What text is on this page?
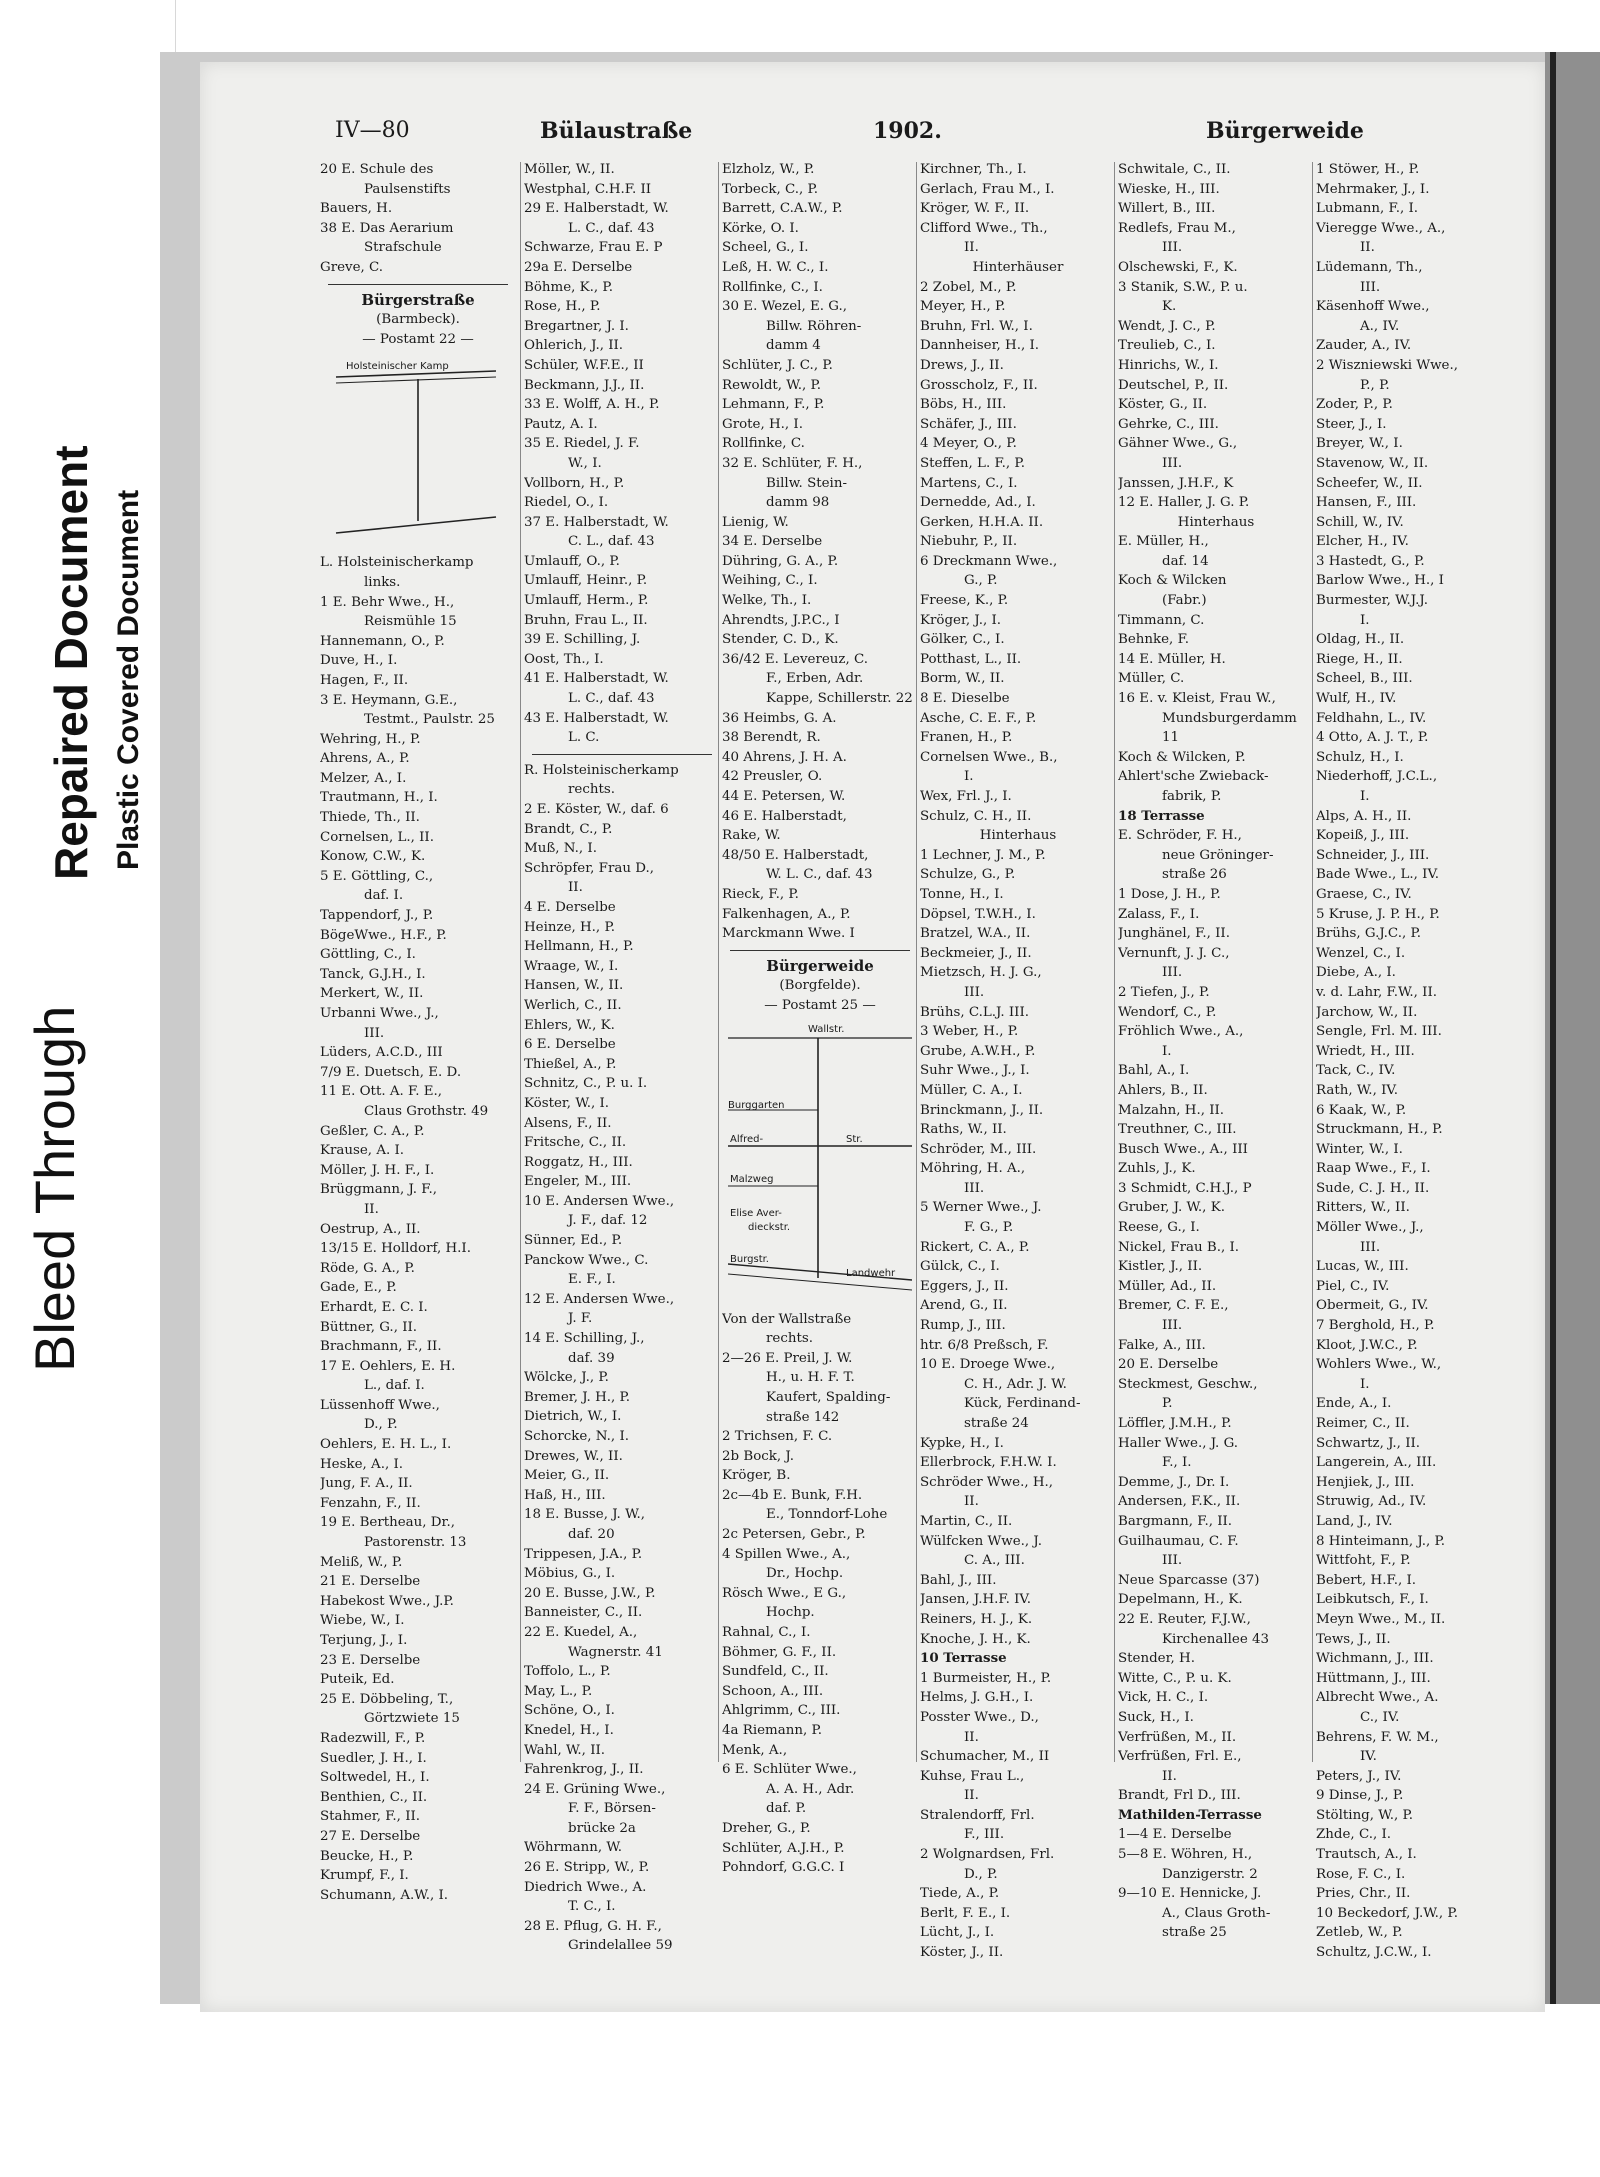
Bleed Through
Repaired Document Plastic Covered Document
IV—80	Bülaustraße	1902.	Bürgerweide
20 E. Schule des
Paulsenstifts
Bauers, H.
38 E. Das Aerarium
Strafschule
Greve, C.
Bürgerstraße
(Barmbeck).
— Postamt 22 —
Holsteinischer Kamp
L. Holsteinischerkamp
links.
1 E. Behr Wwe., H.,
Reismühle 15
Hannemann, O., P.
Duve, H., I.
Hagen, F., II.
3 E. Heymann, G.E.,
Testmt., Paulstr. 25
Wehring, H., P.
Ahrens, A., P.
Melzer, A., I.
Trautmann, H., I.
Thiede, Th., II.
Cornelsen, L., II.
Konow, C.W., K.
5 E. Göttling, C.,
daf. I.
Tappendorf, J., P.
BögeWwe., H.F., P.
Göttling, C., I.
Tanck, G.J.H., I.
Merkert, W., II.
Urbanni Wwe., J.,
III.
Lüders, A.C.D., III
7/9 E. Duetsch, E. D.
11 E. Ott. A. F. E.,
Claus Grothstr. 49
Geßler, C. A., P.
Krause, A. I.
Möller, J. H. F., I.
Brüggmann, J. F.,
II.
Oestrup, A., II.
13/15 E. Holldorf, H.I.
Röde, G. A., P.
Gade, E., P.
Erhardt, E. C. I.
Büttner, G., II.
Brachmann, F., II.
17 E. Oehlers, E. H.
L., daf. I.
Lüssenhoff Wwe.,
D., P.
Oehlers, E. H. L., I.
Heske, A., I.
Jung, F. A., II.
Fenzahn, F., II.
19 E. Bertheau, Dr.,
Pastorenstr. 13
Meliß, W., P.
21 E. Derselbe
Habekost Wwe., J.P.
Wiebe, W., I.
Terjung, J., I.
23 E. Derselbe
Puteik, Ed.
25 E. Döbbeling, T.,
Görtzwiete 15
Radezwill, F., P.
Suedler, J. H., I.
Soltwedel, H., I.
Benthien, C., II.
Stahmer, F., II.
27 E. Derselbe
Beucke, H., P.
Krumpf, F., I.
Schumann, A.W., I.
Möller, W., II.
Westphal, C.H.F. II
29 E. Halberstadt, W.
L. C., daf. 43
Schwarze, Frau E. P
29a E. Derselbe
Böhme, K., P.
Rose, H., P.
Bregartner, J. I.
Ohlerich, J., II.
Schüler, W.F.E., II
Beckmann, J.J., II.
33 E. Wolff, A. H., P.
Pautz, A. I.
35 E. Riedel, J. F.
W., I.
Vollborn, H., P.
Riedel, O., I.
37 E. Halberstadt, W.
C. L., daf. 43
Umlauff, O., P.
Umlauff, Heinr., P.
Umlauff, Herm., P.
Bruhn, Frau L., II.
39 E. Schilling, J.
Oost, Th., I.
41 E. Halberstadt, W.
L. C., daf. 43
43 E. Halberstadt, W.
L. C.
R. Holsteinischerkamp
rechts.
2 E. Köster, W., daf. 6
Brandt, C., P.
Muß, N., I.
Schröpfer, Frau D.,
II.
4 E. Derselbe
Heinze, H., P.
Hellmann, H., P.
Wraage, W., I.
Hansen, W., II.
Werlich, C., II.
Ehlers, W., K.
6 E. Derselbe
Thießel, A., P.
Schnitz, C., P. u. I.
Köster, W., I.
Alsens, F., II.
Fritsche, C., II.
Roggatz, H., III.
Engeler, M., III.
10 E. Andersen Wwe.,
J. F., daf. 12
Sünner, Ed., P.
Panckow Wwe., C.
E. F., I.
12 E. Andersen Wwe.,
J. F.
14 E. Schilling, J.,
daf. 39
Wölcke, J., P.
Bremer, J. H., P.
Dietrich, W., I.
Schorcke, N., I.
Drewes, W., II.
Meier, G., II.
Haß, H., III.
18 E. Busse, J. W.,
daf. 20
Trippesen, J.A., P.
Möbius, G., I.
20 E. Busse, J.W., P.
Banneister, C., II.
22 E. Kuedel, A.,
Wagnerstr. 41
Toffolo, L., P.
May, L., P.
Schöne, O., I.
Knedel, H., I.
Wahl, W., II.
Fahrenkrog, J., II.
24 E. Grüning Wwe.,
F. F., Börsen-
brücke 2a
Wöhrmann, W.
26 E. Stripp, W., P.
Diedrich Wwe., A.
T. C., I.
28 E. Pflug, G. H. F.,
Grindelallee 59
Elzholz, W., P.
Torbeck, C., P.
Barrett, C.A.W., P.
Körke, O. I.
Scheel, G., I.
Leß, H. W. C., I.
Rollfinke, C., I.
30 E. Wezel, E. G.,
Billw. Röhren-
damm 4
Schlüter, J. C., P.
Rewoldt, W., P.
Lehmann, F., P.
Grote, H., I.
Rollfinke, C.
32 E. Schlüter, F. H.,
Billw. Stein-
damm 98
Lienig, W.
34 E. Derselbe
Dühring, G. A., P.
Weihing, C., I.
Welke, Th., I.
Ahrendts, J.P.C., I
Stender, C. D., K.
36/42 E. Levereuz, C.
F., Erben, Adr.
Kappe, Schillerstr. 22
36 Heimbs, G. A.
38 Berendt, R.
40 Ahrens, J. H. A.
42 Preusler, O.
44 E. Petersen, W.
46 E. Halberstadt,
Rake, W.
48/50 E. Halberstadt,
W. L. C., daf. 43
Rieck, F., P.
Falkenhagen, A., P.
Marckmann Wwe. I
Bürgerweide
(Borgfelde).
— Postamt 25 —
Wallstr.
Burggarten
Alfred-	Str.
Malzweg
Elise Aver-
dieckstr.
Burgstr.
Landwehr
Von der Wallstraße
rechts.
2—26 E. Preil, J. W.
H., u. H. F. T.
Kaufert, Spalding-
straße 142
2 Trichsen, F. C.
2b Bock, J.
Kröger, B.
2c—4b E. Bunk, F.H.
E., Tonndorf-Lohe
2c Petersen, Gebr., P.
4 Spillen Wwe., A.,
Dr., Hochp.
Rösch Wwe., E G.,
Hochp.
Rahnal, C., I.
Böhmer, G. F., II.
Sundfeld, C., II.
Schoon, A., III.
Ahlgrimm, C., III.
4a Riemann, P.
Menk, A.,
6 E. Schlüter Wwe.,
A. A. H., Adr.
daf. P.
Dreher, G., P.
Schlüter, A.J.H., P.
Pohndorf, G.G.C. I
Kirchner, Th., I.
Gerlach, Frau M., I.
Kröger, W. F., II.
Clifford Wwe., Th.,
II.
Hinterhäuser
2 Zobel, M., P.
Meyer, H., P.
Bruhn, Frl. W., I.
Dannheiser, H., I.
Drews, J., II.
Grosscholz, F., II.
Böbs, H., III.
Schäfer, J., III.
4 Meyer, O., P.
Steffen, L. F., P.
Martens, C., I.
Dernedde, Ad., I.
Gerken, H.H.A. II.
Niebuhr, P., II.
6 Dreckmann Wwe.,
G., P.
Freese, K., P.
Kröger, J., I.
Gölker, C., I.
Potthast, L., II.
Borm, W., II.
8 E. Dieselbe
Asche, C. E. F., P.
Franen, H., P.
Cornelsen Wwe., B.,
I.
Wex, Frl. J., I.
Schulz, C. H., II.
Hinterhaus
1 Lechner, J. M., P.
Schulze, G., P.
Tonne, H., I.
Döpsel, T.W.H., I.
Bratzel, W.A., II.
Beckmeier, J., II.
Mietzsch, H. J. G.,
III.
Brühs, C.L.J. III.
3 Weber, H., P.
Grube, A.W.H., P.
Suhr Wwe., J., I.
Müller, C. A., I.
Brinckmann, J., II.
Raths, W., II.
Schröder, M., III.
Möhring, H. A.,
III.
5 Werner Wwe., J.
F. G., P.
Rickert, C. A., P.
Gülck, C., I.
Eggers, J., II.
Arend, G., II.
Rump, J., III.
htr. 6/8 Preßsch, F.
10 E. Droege Wwe.,
C. H., Adr. J. W.
Kück, Ferdinand-
straße 24
Kypke, H., I.
Ellerbrock, F.H.W. I.
Schröder Wwe., H.,
II.
Martin, C., II.
Wülfcken Wwe., J.
C. A., III.
Bahl, J., III.
Jansen, J.H.F. IV.
Reiners, H. J., K.
Knoche, J. H., K.
10 Terrasse
1 Burmeister, H., P.
Helms, J. G.H., I.
Posster Wwe., D.,
II.
Schumacher, M., II
Kuhse, Frau L.,
II.
Stralendorff, Frl.
F., III.
2 Wolgnardsen, Frl.
D., P.
Tiede, A., P.
Berlt, F. E., I.
Lücht, J., I.
Köster, J., II.
Schwitale, C., II.
Wieske, H., III.
Willert, B., III.
Redlefs, Frau M.,
III.
Olschewski, F., K.
3 Stanik, S.W., P. u.
K.
Wendt, J. C., P.
Treulieb, C., I.
Hinrichs, W., I.
Deutschel, P., II.
Köster, G., II.
Gehrke, C., III.
Gähner Wwe., G.,
III.
Janssen, J.H.F., K
12 E. Haller, J. G. P.
Hinterhaus
E. Müller, H.,
daf. 14
Koch & Wilcken
(Fabr.)
Timmann, C.
Behnke, F.
14 E. Müller, H.
Müller, C.
16 E. v. Kleist, Frau W.,
Mundsburgerdamm
11
Koch & Wilcken, P.
Ahlert'sche Zwieback-
fabrik, P.
18 Terrasse
E. Schröder, F. H.,
neue Gröninger-
straße 26
1 Dose, J. H., P.
Zalass, F., I.
Junghänel, F., II.
Vernunft, J. J. C.,
III.
2 Tiefen, J., P.
Wendorf, C., P.
Fröhlich Wwe., A.,
I.
Bahl, A., I.
Ahlers, B., II.
Malzahn, H., II.
Treuthner, C., III.
Busch Wwe., A., III
Zuhls, J., K.
3 Schmidt, C.H.J., P
Gruber, J. W., K.
Reese, G., I.
Nickel, Frau B., I.
Kistler, J., II.
Müller, Ad., II.
Bremer, C. F. E.,
III.
Falke, A., III.
20 E. Derselbe
Steckmest, Geschw.,
P.
Löffler, J.M.H., P.
Haller Wwe., J. G.
F., I.
Demme, J., Dr. I.
Andersen, F.K., II.
Bargmann, F., II.
Guilhaumau, C. F.
III.
Neue Sparcasse (37)
Depelmann, H., K.
22 E. Reuter, F.J.W.,
Kirchenallee 43
Stender, H.
Witte, C., P. u. K.
Vick, H. C., I.
Suck, H., I.
Verfrüßen, M., II.
Verfrüßen, Frl. E.,
II.
Brandt, Frl D., III.
Mathilden-Terrasse
1—4 E. Derselbe
5—8 E. Wöhren, H.,
Danzigerstr. 2
9—10 E. Hennicke, J.
A., Claus Groth-
straße 25
1 Stöwer, H., P.
Mehrmaker, J., I.
Lubmann, F., I.
Vieregge Wwe., A.,
II.
Lüdemann, Th.,
III.
Käsenhoff Wwe.,
A., IV.
Zauder, A., IV.
2 Wiszniewski Wwe.,
P., P.
Zoder, P., P.
Steer, J., I.
Breyer, W., I.
Stavenow, W., II.
Scheefer, W., II.
Hansen, F., III.
Schill, W., IV.
Elcher, H., IV.
3 Hastedt, G., P.
Barlow Wwe., H., I
Burmester, W.J.J.
I.
Oldag, H., II.
Riege, H., II.
Scheel, B., III.
Wulf, H., IV.
Feldhahn, L., IV.
4 Otto, A. J. T., P.
Schulz, H., I.
Niederhoff, J.C.L.,
I.
Alps, A. H., II.
Kopeiß, J., III.
Schneider, J., III.
Bade Wwe., L., IV.
Graese, C., IV.
5 Kruse, J. P. H., P.
Brühs, G.J.C., P.
Wenzel, C., I.
Diebe, A., I.
v. d. Lahr, F.W., II.
Jarchow, W., II.
Sengle, Frl. M. III.
Wriedt, H., III.
Tack, C., IV.
Rath, W., IV.
6 Kaak, W., P.
Struckmann, H., P.
Winter, W., I.
Raap Wwe., F., I.
Sude, C. J. H., II.
Ritters, W., II.
Möller Wwe., J.,
III.
Lucas, W., III.
Piel, C., IV.
Obermeit, G., IV.
7 Berghold, H., P.
Kloot, J.W.C., P.
Wohlers Wwe., W.,
I.
Ende, A., I.
Reimer, C., II.
Schwartz, J., II.
Langerein, A., III.
Henjiek, J., III.
Struwig, Ad., IV.
Land, J., IV.
8 Hinteimann, J., P.
Wittfoht, F., P.
Bebert, H.F., I.
Leibkutsch, F., I.
Meyn Wwe., M., II.
Tews, J., II.
Wichmann, J., III.
Hüttmann, J., III.
Albrecht Wwe., A.
C., IV.
Behrens, F. W. M.,
IV.
Peters, J., IV.
9 Dinse, J., P.
Stölting, W., P.
Zhde, C., I.
Trautsch, A., I.
Rose, F. C., I.
Pries, Chr., II.
10 Beckedorf, J.W., P.
Zetleb, W., P.
Schultz, J.C.W., I.
